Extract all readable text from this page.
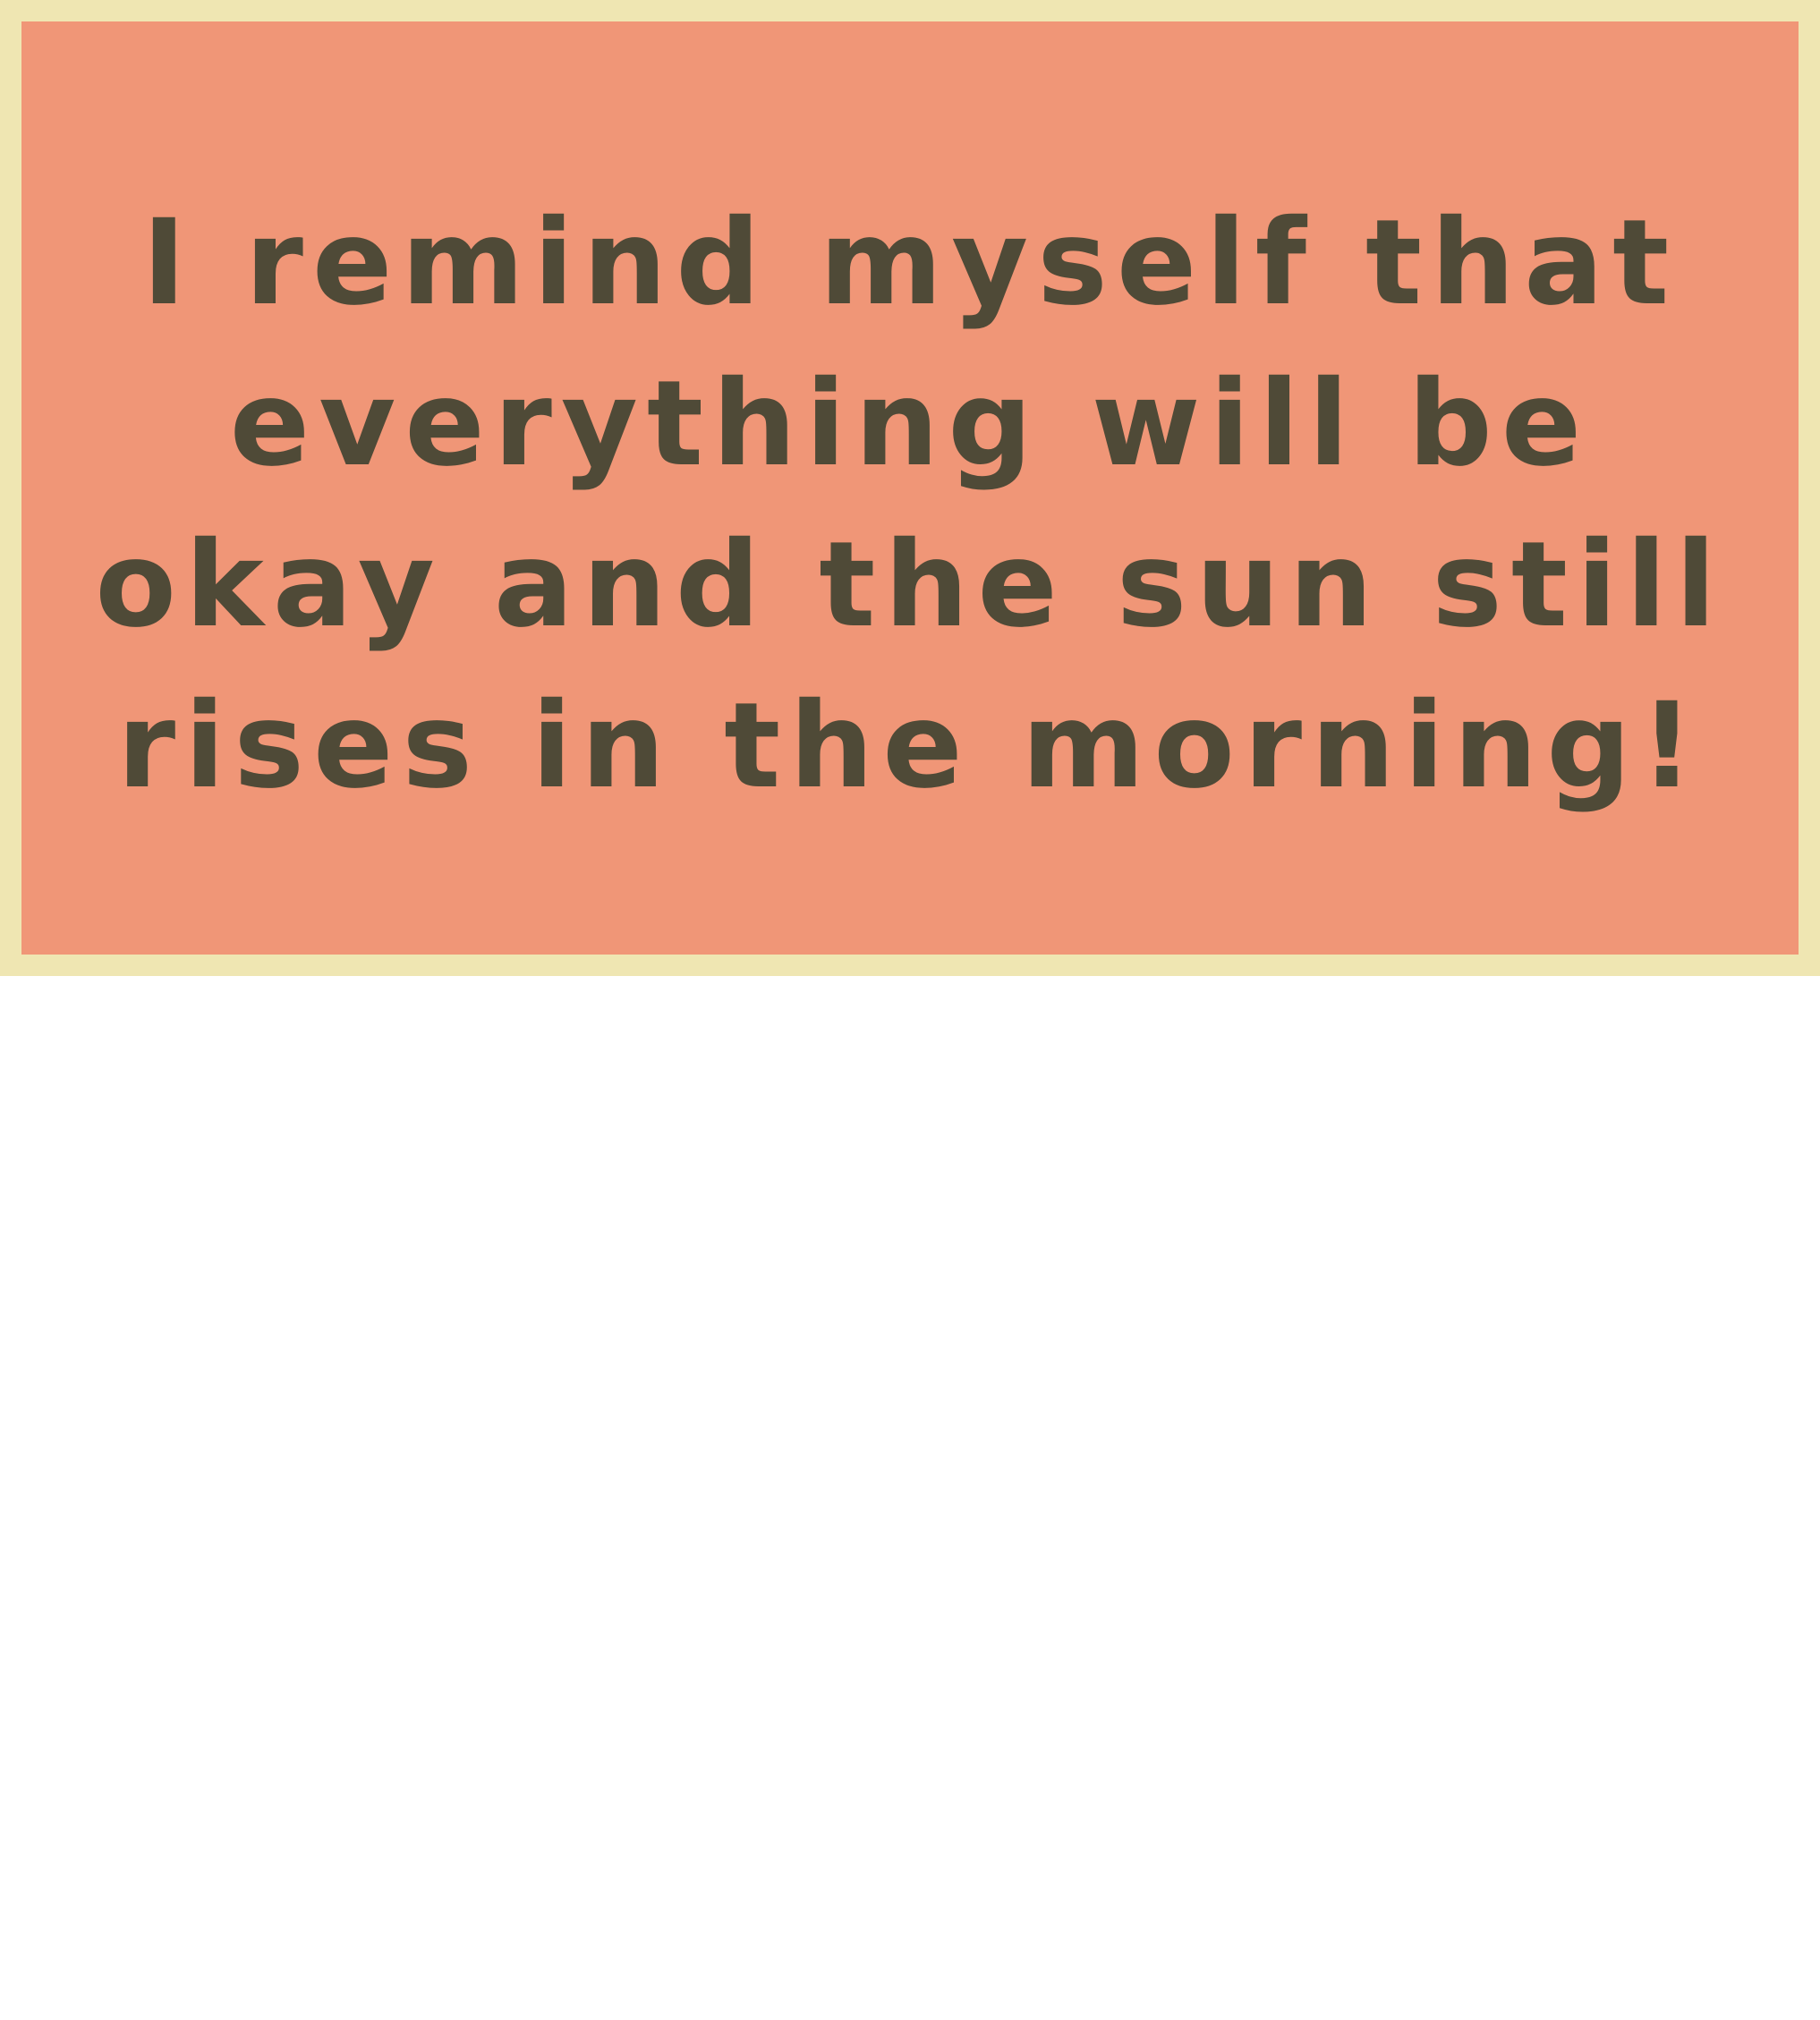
I remind myself that
everything will be
okay and the sun still
rises in the morning!
